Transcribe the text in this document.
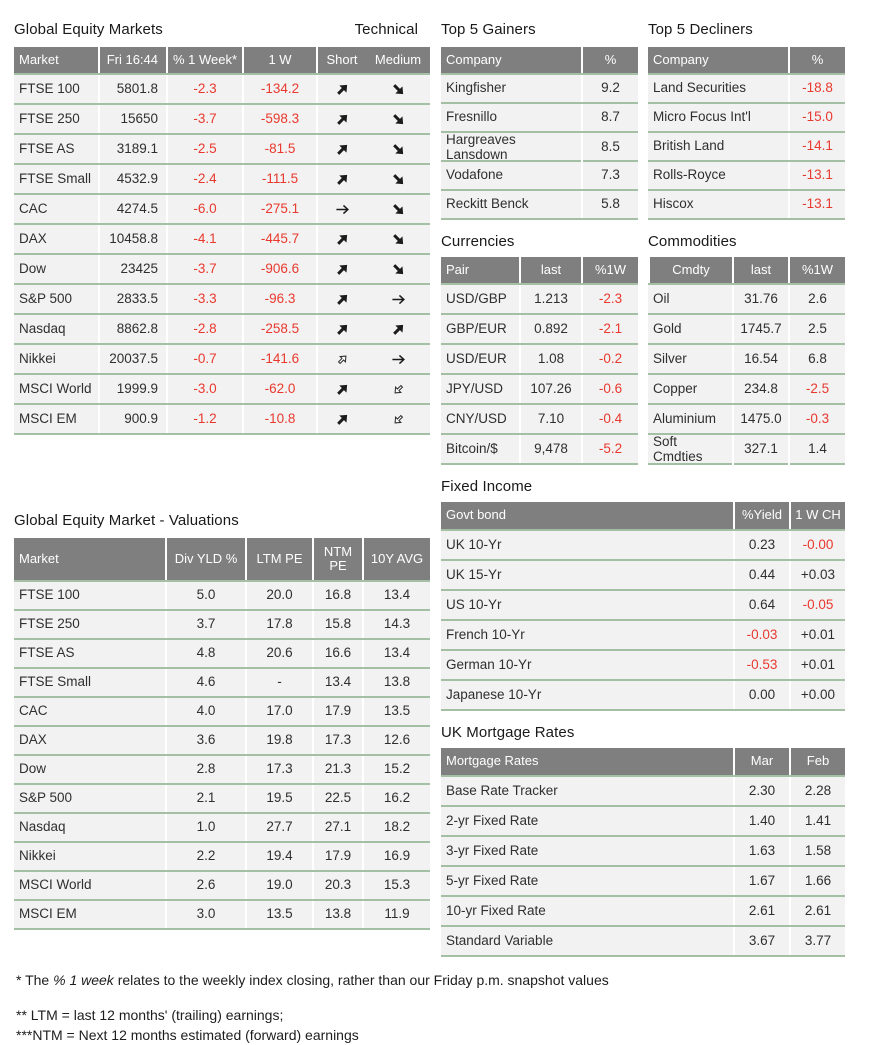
Global Equity Markets	Technical Top 5 Gainers	Top 5 Decliners
Market	Fri 16:44	% 1 Week*	1 W	Short	Medium
FTSE 100	5801.8	-2.3	-134.2
FTSE 250	15650	-3.7	-598.3
FTSE AS	3189.1	-2.5	-81.5
FTSE Small	4532.9	-2.4	-111.5
CAC	4274.5	-6.0	-275.1
DAX	10458.8	-4.1	-445.7
Dow	23425	-3.7	-906.6
S&P 500	2833.5	-3.3	-96.3
Nasdaq	8862.8	-2.8	-258.5
Nikkei	20037.5	-0.7	-141.6
MSCI World	1999.9	-3.0	-62.0
MSCI EM	900.9	-1.2	-10.8
Global Equity Market - Valuations
Market	Div YLD %	LTM PE	NTM PE	10Y AVG
FTSE 100	5.0	20.0	16.8	13.4
FTSE 250	3.7	17.8	15.8	14.3
FTSE AS	4.8	20.6	16.6	13.4
FTSE Small	4.6	-	13.4	13.8
CAC	4.0	17.0	17.9	13.5
DAX	3.6	19.8	17.3	12.6
Dow	2.8	17.3	21.3	15.2
S&P 500	2.1	19.5	22.5	16.2
Nasdaq	1.0	27.7	27.1	18.2
Nikkei	2.2	19.4	17.9	16.9
MSCI World	2.6	19.0	20.3	15.3
MSCI EM	3.0	13.5	13.8	11.9
Company	%
Kingfisher	9.2
Fresnillo	8.7
Hargreaves Lansdown	8.5
Vodafone	7.3
Reckitt Benck	5.8
Company	%
Land Securities	-18.8
Micro Focus Int'l	-15.0
British Land	-14.1
Rolls-Royce	-13.1
Hiscox	-13.1
Currencies	Commodities
Pair	last	%1W
USD/GBP	1.213	-2.3
GBP/EUR	0.892	-2.1
USD/EUR	1.08	-0.2
JPY/USD	107.26	-0.6
CNY/USD	7.10	-0.4
Bitcoin/$	9,478	-5.2
Cmdty	last	%1W
Oil	31.76	2.6
Gold	1745.7	2.5
Silver	16.54	6.8
Copper	234.8	-2.5
Aluminium	1475.0	-0.3
Soft Cmdties	327.1	1.4
Fixed Income
Govt bond	%Yield	1 W CH
UK 10-Yr	0.23	-0.00
UK 15-Yr	0.44	+0.03
US 10-Yr	0.64	-0.05
French 10-Yr	-0.03	+0.01
German 10-Yr	-0.53	+0.01
Japanese 10-Yr	0.00	+0.00
UK Mortgage Rates
Mortgage Rates	Mar	Feb
Base Rate Tracker	2.30	2.28
2-yr Fixed Rate	1.40	1.41
3-yr Fixed Rate	1.63	1.58
5-yr Fixed Rate	1.67	1.66
10-yr Fixed Rate	2.61	2.61
Standard Variable	3.67	3.77
* The % 1 week relates to the weekly index closing, rather than our Friday p.m. snapshot values
** LTM = last 12 months' (trailing) earnings;
***NTM = Next 12 months estimated (forward) earnings
